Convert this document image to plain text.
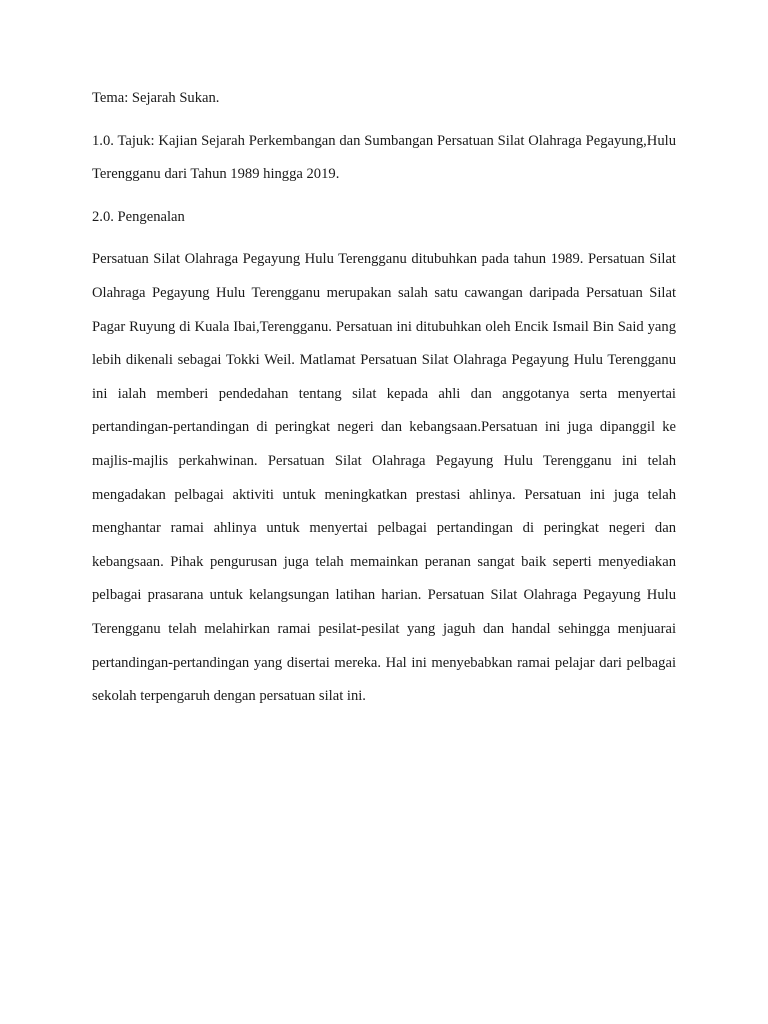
Tema: Sejarah Sukan.

1.0. Tajuk: Kajian Sejarah Perkembangan dan Sumbangan Persatuan Silat Olahraga Pegayung,Hulu Terengganu dari Tahun 1989 hingga 2019.

2.0. Pengenalan

Persatuan Silat Olahraga Pegayung Hulu Terengganu ditubuhkan pada tahun 1989. Persatuan Silat Olahraga Pegayung Hulu Terengganu merupakan salah satu cawangan daripada Persatuan Silat Pagar Ruyung di Kuala Ibai,Terengganu. Persatuan ini ditubuhkan oleh Encik Ismail Bin Said yang lebih dikenali sebagai Tokki Weil. Matlamat Persatuan Silat Olahraga Pegayung Hulu Terengganu ini ialah memberi pendedahan tentang silat kepada ahli dan anggotanya serta menyertai pertandingan-pertandingan di peringkat negeri dan kebangsaan.Persatuan ini juga dipanggil ke majlis-majlis perkahwinan. Persatuan Silat Olahraga Pegayung Hulu Terengganu ini telah mengadakan pelbagai aktiviti untuk meningkatkan prestasi ahlinya. Persatuan ini juga telah menghantar ramai ahlinya untuk menyertai pelbagai pertandingan di peringkat negeri dan kebangsaan. Pihak pengurusan juga telah memainkan peranan sangat baik seperti menyediakan pelbagai prasarana untuk kelangsungan latihan harian. Persatuan Silat Olahraga Pegayung Hulu Terengganu telah melahirkan ramai pesilat-pesilat yang jaguh dan handal sehingga menjuarai pertandingan-pertandingan yang disertai mereka. Hal ini menyebabkan ramai pelajar dari pelbagai sekolah terpengaruh dengan persatuan silat ini.
